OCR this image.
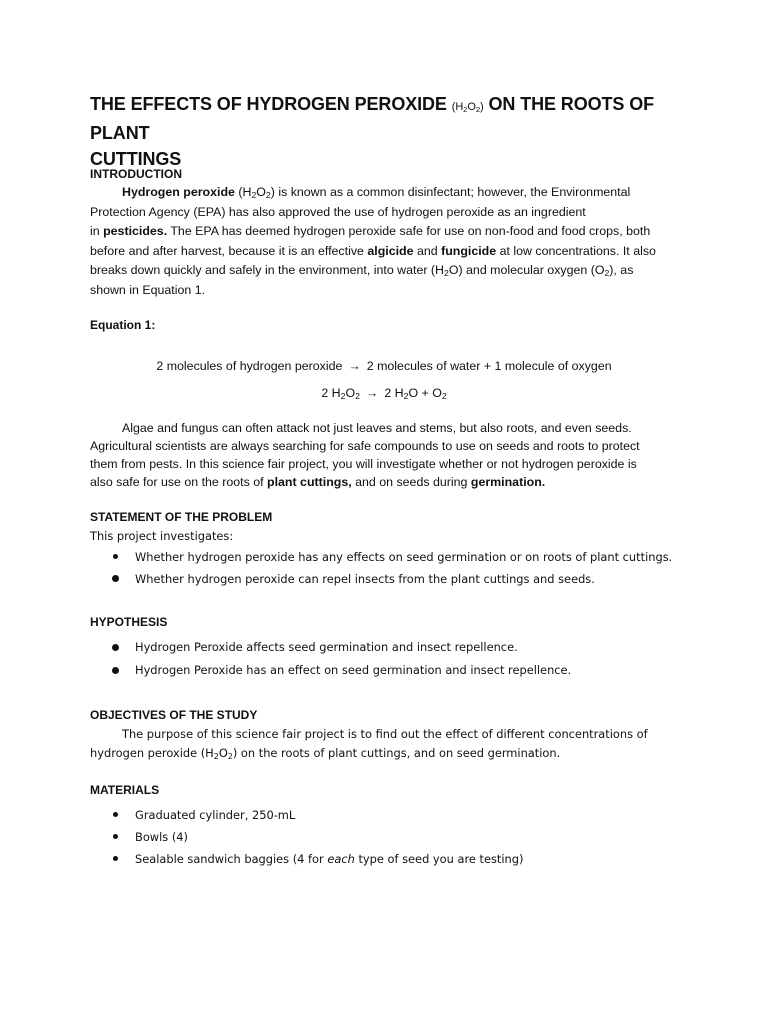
THE EFFECTS OF HYDROGEN PEROXIDE $(H_2O_2)$ ON THE ROOTS OF PLANT
CUTTINGS
INTRODUCTION
Hydrogen peroxide $(H_2O_2)$ is known as a common disinfectant; however, the Environmental
Protection Agency (EPA) has also approved the use of hydrogen peroxide as an ingredient
in pesticides. The EPA has deemed hydrogen peroxide safe for use on non-food and food crops, both
before and after harvest, because it is an effective algicide and fungicide at low concentrations. It also
breaks down quickly and safely in the environment, into water $(H_2O)$ and molecular oxygen $(O_2)$, as
shown in Equation 1.
Equation 1:
2 molecules of hydrogen peroxide → 2 molecules of water + 1 molecule of oxygen
2 $H_2O_2 \to 2$ $H_2O + O_2$
Algae and fungus can often attack not just leaves and stems, but also roots, and even seeds.
Agricultural scientists are always searching for safe compounds to use on seeds and roots to protect
them from pests. In this science fair project, you will investigate whether or not hydrogen peroxide is
also safe for use on the roots of plant cuttings, and on seeds during germination.
STATEMENT OF THE PROBLEM
This project investigates:
Whether hydrogen peroxide has any effects on seed germination or on roots of plant cuttings.
Whether hydrogen peroxide can repel insects from the plant cuttings and seeds.
HYPOTHESIS
Hydrogen Peroxide affects seed germination and insect repellence.
Hydrogen Peroxide has an effect on seed germination and insect repellence.
OBJECTIVES OF THE STUDY
The purpose of this science fair project is to find out the effect of different concentrations of
hydrogen peroxide $(H_2O_2)$ on the roots of plant cuttings, and on seed germination.
MATERIALS
Graduated cylinder, 250-mL
Bowls (4)
Sealable sandwich baggies (4 for each type of seed you are testing)
